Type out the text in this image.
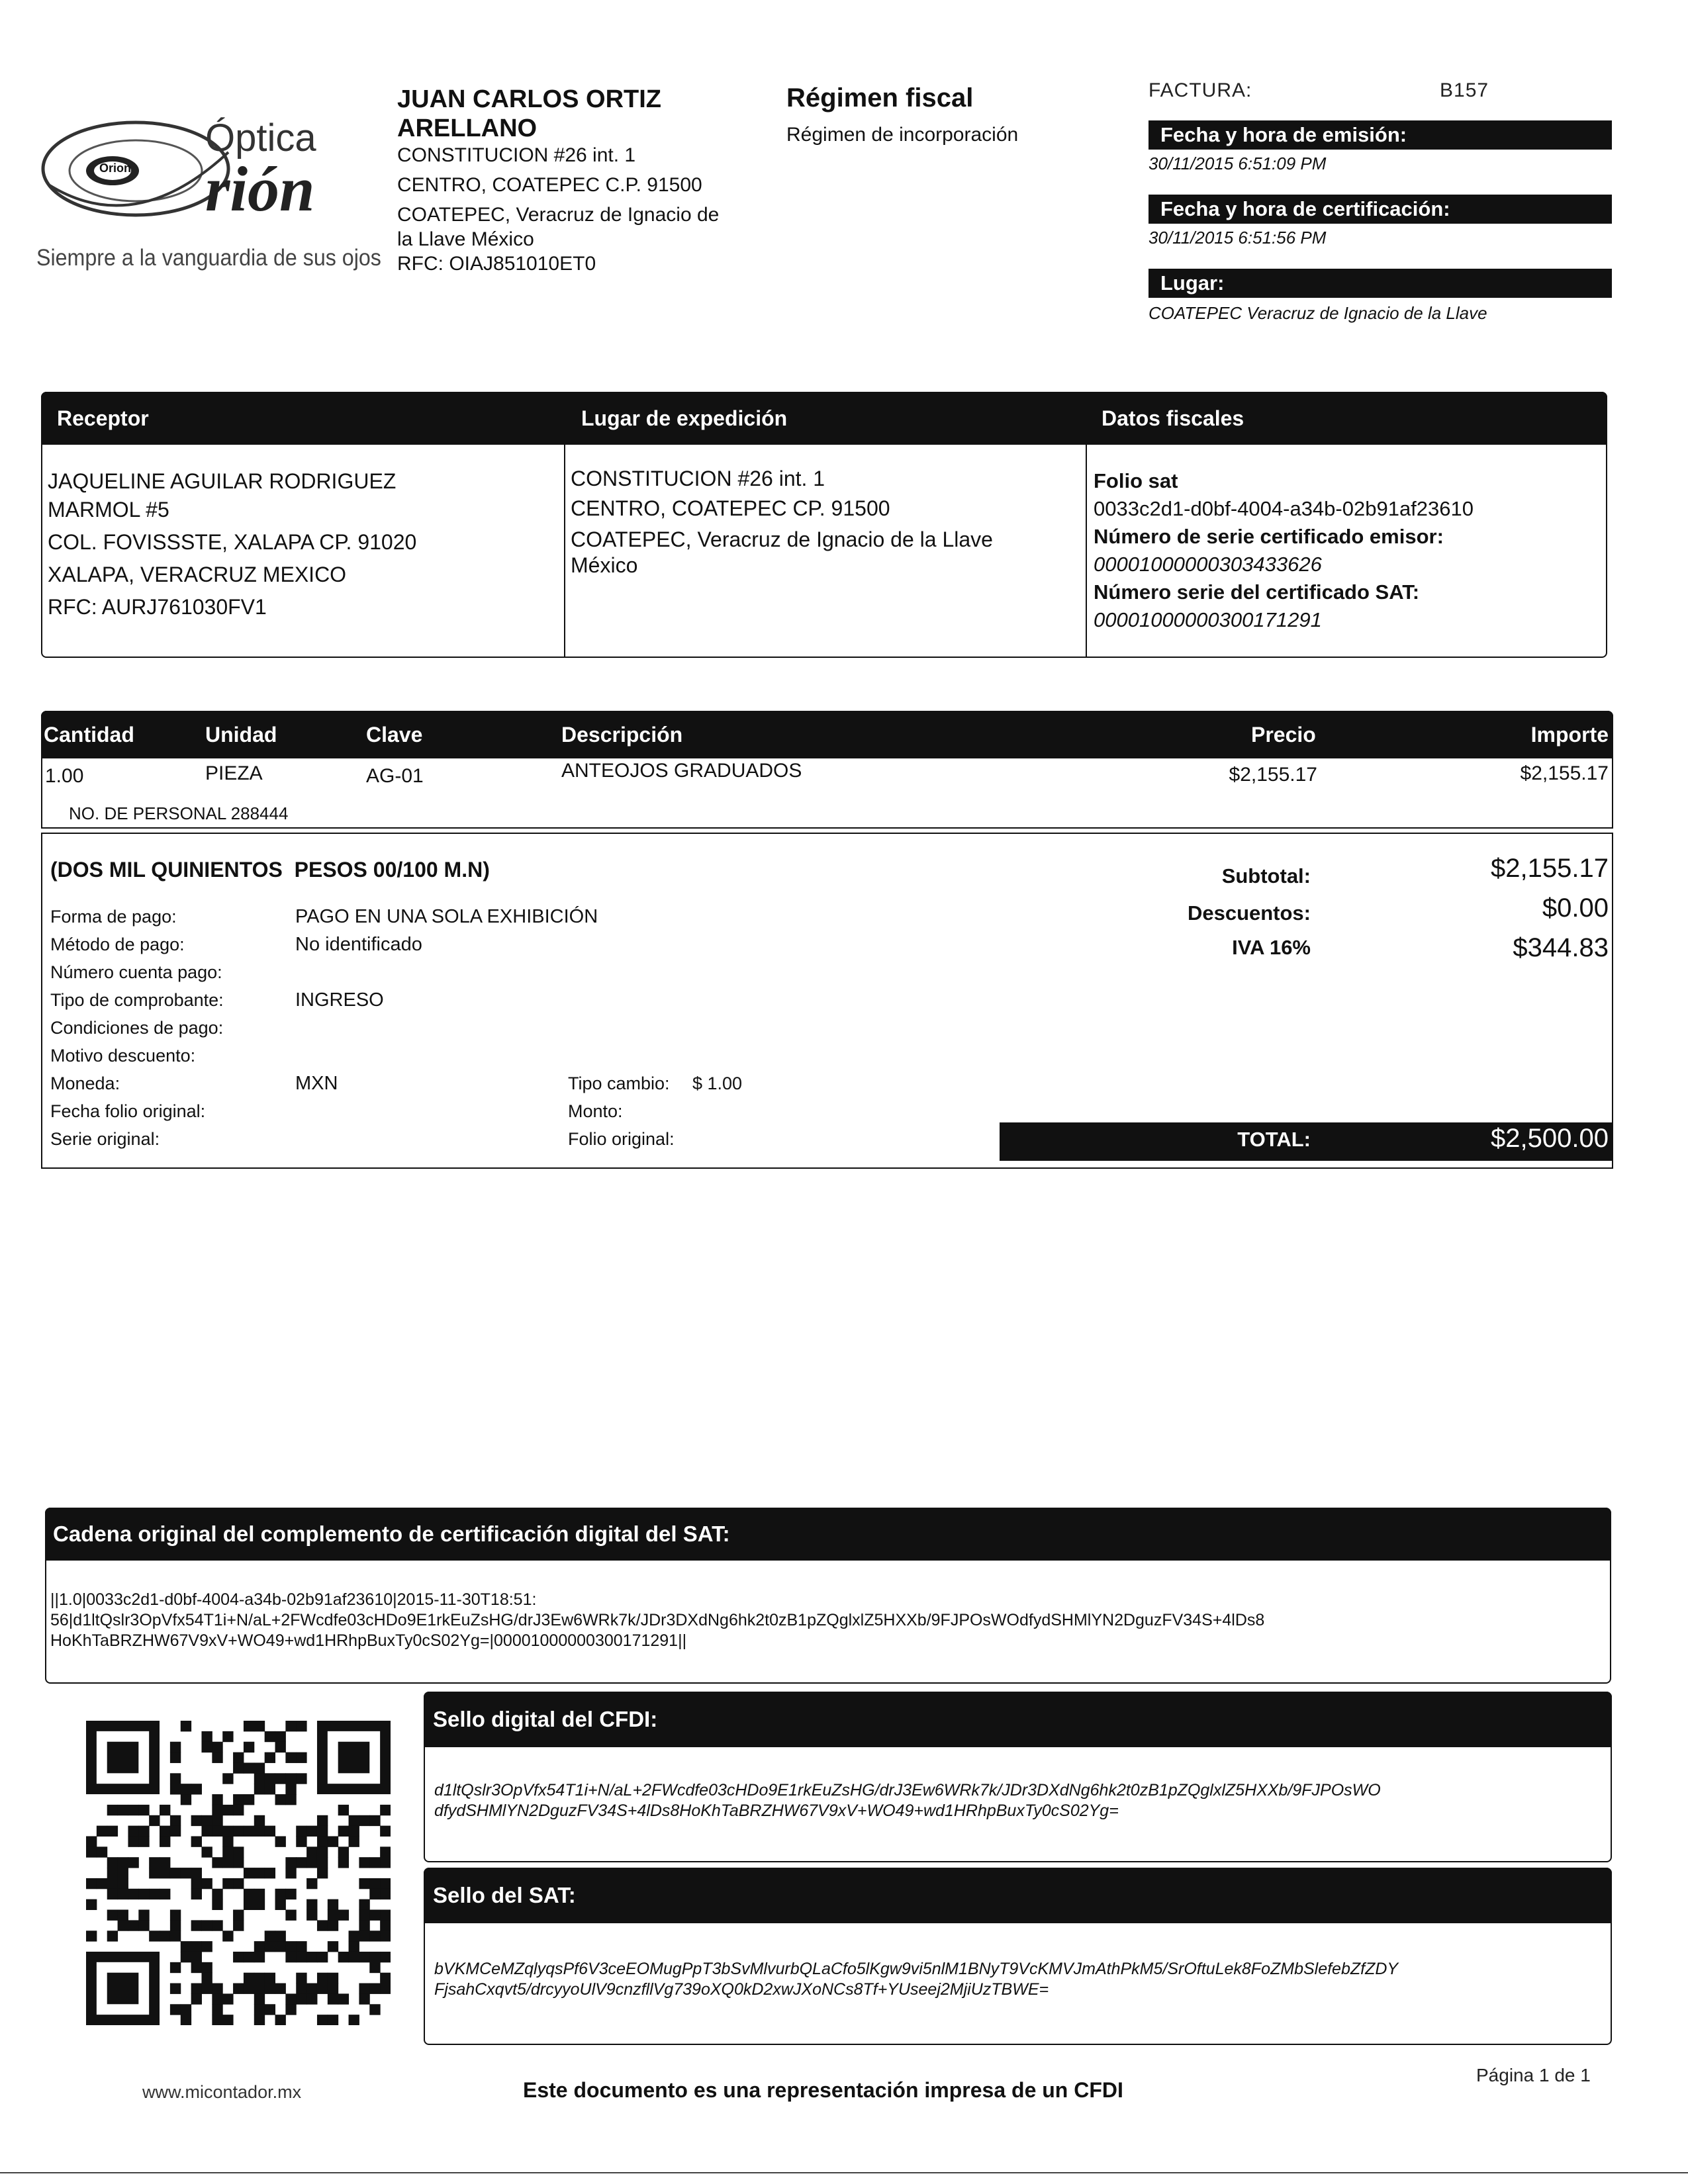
Orion
Óptica
rión
Siempre a la vanguardia de sus ojos
JUAN CARLOS ORTIZ
ARELLANO
CONSTITUCION #26 int. 1
CENTRO, COATEPEC C.P. 91500
COATEPEC, Veracruz de Ignacio de
la Llave México
RFC: OIAJ851010ET0
Régimen fiscal
Régimen de incorporación
FACTURA:	B157
Fecha y hora de emisión:
30/11/2015 6:51:09 PM
Fecha y hora de certificación:
30/11/2015 6:51:56 PM
Lugar:
COATEPEC Veracruz de Ignacio de la Llave
Receptor	Lugar de expedición	Datos fiscales
JAQUELINE AGUILAR RODRIGUEZ
MARMOL #5
COL. FOVISSSTE, XALAPA CP. 91020
XALAPA, VERACRUZ MEXICO
RFC: AURJ761030FV1
CONSTITUCION #26 int. 1
CENTRO, COATEPEC CP. 91500
COATEPEC, Veracruz de Ignacio de la Llave
México
Folio sat
0033c2d1-d0bf-4004-a34b-02b91af23610
Número de serie certificado emisor:
00001000000303433626
Número serie del certificado SAT:
00001000000300171291
Cantidad	Unidad	Clave	Descripción	Precio	Importe
1.00	PIEZA	AG-01	ANTEOJOS GRADUADOS	$2,155.17	$2,155.17
NO. DE PERSONAL 288444
(DOS MIL QUINIENTOS  PESOS 00/100 M.N)
Forma de pago:	PAGO EN UNA SOLA EXHIBICIÓN
Método de pago:	No identificado
Número cuenta pago:
Tipo de comprobante:	INGRESO
Condiciones de pago:
Motivo descuento:
Moneda:	MXN	Tipo cambio: $ 1.00
Fecha folio original:	Monto:
Serie original:	Folio original:
Subtotal:	$2,155.17
Descuentos:	$0.00
IVA 16%	$344.83
TOTAL:	$2,500.00
Cadena original del complemento de certificación digital del SAT:
||1.0|0033c2d1-d0bf-4004-a34b-02b91af23610|2015-11-30T18:51:
56|d1ltQslr3OpVfx54T1i+N/aL+2FWcdfe03cHDo9E1rkEuZsHG/drJ3Ew6WRk7k/JDr3DXdNg6hk2t0zB1pZQglxlZ5HXXb/9FJPOsWOdfydSHMlYN2DguzFV34S+4lDs8
HoKhTaBRZHW67V9xV+WO49+wd1HRhpBuxTy0cS02Yg=|00001000000300171291||
Sello digital del CFDI:
d1ltQslr3OpVfx54T1i+N/aL+2FWcdfe03cHDo9E1rkEuZsHG/drJ3Ew6WRk7k/JDr3DXdNg6hk2t0zB1pZQglxlZ5HXXb/9FJPOsWO
dfydSHMlYN2DguzFV34S+4lDs8HoKhTaBRZHW67V9xV+WO49+wd1HRhpBuxTy0cS02Yg=
Sello del SAT:
bVKMCeMZqlyqsPf6V3ceEOMugPpT3bSvMlvurbQLaCfo5lKgw9vi5nlM1BNyT9VcKMVJmAthPkM5/SrOftuLek8FoZMbSlefebZfZDY
FjsahCxqvt5/drcyyoUlV9cnzfllVg739oXQ0kD2xwJXoNCs8Tf+YUseej2MjiUzTBWE=
www.micontador.mx	Este documento es una representación impresa de un CFDI
Página 1 de 1
